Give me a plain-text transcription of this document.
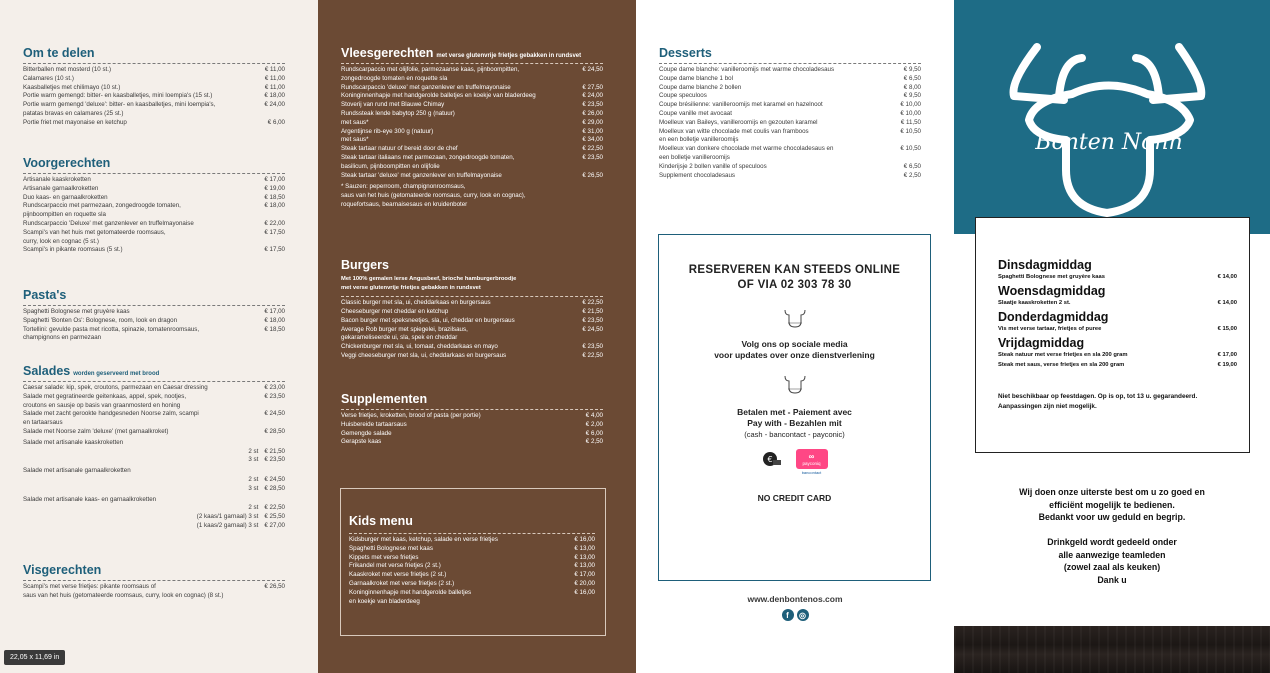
Om te delen
Bitterballen met mosterd (10 st.)	€ 11,00
Calamares (10 st.)	€ 11,00
Kaasballetjes met chilimayo (10 st.)	€ 11,00
Portie warm gemengd: bitter- en kaasballetjes, mini loempia's (15 st.)	€ 18,00
Portie warm gemengd 'deluxe': bitter- en kaasballetjes, mini loempia's,
patatas bravas en calamares (25 st.)
€ 24,00
Portie friet met mayonaise en ketchup	€ 6,00
Voorgerechten
Artisanale kaaskroketten	€ 17,00
Artisanale garnaalkroketten	€ 19,00
Duo kaas- en garnaalkroketten	€ 18,50
Rundscarpaccio met parmezaan, zongedroogde tomaten,
pijnboompitten en roquette sla
€ 18,00
Rundscarpaccio 'Deluxe' met ganzenlever en truffelmayonaise	€ 22,00
Scampi's van het huis met getomateerde roomsaus,
curry, look en cognac (5 st.)
€ 17,50
Scampi's in pikante roomsaus (5 st.)	€ 17,50
Pasta's
Spaghetti Bolognese met gruyère kaas	€ 17,00
Spaghetti 'Bonten Os': Bolognese, room, look en dragon	€ 18,00
Tortellini: gevulde pasta met ricotta, spinazie, tomatenroomsaus,
champignons en parmezaan
€ 18,50
Salades worden geserveerd met brood
Caesar salade: kip, spek, croutons, parmezaan en Caesar dressing	€ 23,00
Salade met gegratineerde geitenkaas, appel, spek, nootjes,
croutons en sausje op basis van graanmosterd en honing
€ 23,50
Salade met zacht gerookte handgesneden Noorse zalm, scampi
en tartaarsaus
€ 24,50
Salade met Noorse zalm 'deluxe' (met garnaalkroket)	€ 28,50
Salade met artisanale kaaskroketten
2 st € 21,50
3 st € 23,50
Salade met artisanale garnaalkroketten
2 st € 24,50
3 st € 28,50
Salade met artisanale kaas- en garnaalkroketten
2 st € 22,50
(2 kaas/1 garnaal) 3 st € 25,50
(1 kaas/2 garnaal) 3 st € 27,00
Visgerechten
Scampi's met verse frietjes: pikante roomsaus of
saus van het huis (getomateerde roomsaus, curry, look en cognac) (8 st.)
€ 26,50
22,05 x 11,69 in
Vleesgerechten met verse glutenvrije frietjes gebakken in rundsvet
Rundscarpaccio met olijfolie, parmezaanse kaas, pijnboompitten,
zongedroogde tomaten en roquette sla
€ 24,50
Rundscarpaccio 'deluxe' met ganzenlever en truffelmayonaise	€ 27,50
Koninginnenhapje met handgerolde balletjes en koekje van bladerdeeg	€ 24,00
Stoverij van rund met Blauwe Chimay	€ 23,50
Rundssteak lende babytop 250 g (natuur)	€ 26,00
met saus*	€ 29,00
Argentijnse rib-eye 300 g (natuur)	€ 31,00
met saus*	€ 34,00
Steak tartaar natuur of bereid door de chef	€ 22,50
Steak tartaar italiaans met parmezaan, zongedroogde tomaten,
basilicum, pijnboompitten en olijfolie
€ 23,50
Steak tartaar 'deluxe' met ganzenlever en truffelmayonaise	€ 26,50
* Sauzen: peperroom, champignonroomsaus,
saus van het huis (getomateerde roomsaus, curry, look en cognac),
roquefortsaus, bearnaisesaus en kruidenboter
Burgers
Met 100% gemalen lerse Angusbeef, brioche hamburgerbroodje
met verse glutenvrije frietjes gebakken in rundsvet
Classic burger met sla, ui, cheddarkaas en burgersaus	€ 22,50
Cheeseburger met cheddar en ketchup	€ 21,50
Bacon burger met speksneetjes, sla, ui, cheddar en burgersaus	€ 23,50
Average Rob burger met spiegelei, brazilsaus,
gekarameliseerde ui, sla, spek en cheddar
€ 24,50
Chickenburger met sla, ui, tomaat, cheddarkaas en mayo	€ 23,50
Veggi cheeseburger met sla, ui, cheddarkaas en burgersaus	€ 22,50
Supplementen
Verse frietjes, kroketten, brood of pasta (per portie)	€ 4,00
Huisbereide tartaarsaus	€ 2,00
Gemengde salade	€ 6,00
Gerapste kaas	€ 2,50
Kids menu
Kidsburger met kaas, ketchup, salade en verse frietjes	€ 16,00
Spaghetti Bolognese met kaas	€ 13,00
Kippets met verse frietjes	€ 13,00
Frikandel met verse frietjes (2 st.)	€ 13,00
Kaaskroket met verse frietjes (2 st.)	€ 17,00
Garnaalkroket met verse frietjes (2 st.)	€ 20,00
Koninginnenhapje met handgerolde balletjes
en koekje van bladerdeeg
€ 16,00
Desserts
Coupe dame blanche: vanilleroomijs met warme chocoladesaus	€ 9,50
Coupe dame blanche 1 bol	€ 6,50
Coupe dame blanche 2 bollen	€ 8,00
Coupe speculoos	€ 9,50
Coupe brésilienne: vanilleroomijs met karamel en hazelnoot	€ 10,00
Coupe vanille met avocaat	€ 10,00
Moelleux van Baileys, vanilleroomijs en gezouten karamel	€ 11,50
Moelleux van witte chocolade met coulis van framboos
en een bolletje vanilleroomijs
€ 10,50
Moelleux van donkere chocolade met warme chocoladesaus en
een bolletje vanilleroomijs
€ 10,50
Kinderijsje 2 bollen vanille of speculoos	€ 6,50
Supplement chocoladesaus	€ 2,50
RESERVEREN KAN STEEDS ONLINE
OF VIA 02 303 78 30
Volg ons op sociale media
voor updates over onze dienstverlening
Betalen met - Paiement avec
Pay with - Bezahlen mit
(cash - bancontact - payconic)
€	∞
payconiq
bancontact
NO CREDIT CARD
www.denbontenos.com
f	◎
Bonten Nonn
Dinsdagmiddag
Spaghetti Bolognese met gruyère kaas	€ 14,00
Woensdagmiddag
Slaatje kaaskroketten 2 st.	€ 14,00
Donderdagmiddag
Vis met verse tartaar, frietjes of puree	€ 15,00
Vrijdagmiddag
Steak natuur met verse frietjes en sla 200 gram	€ 17,00
Steak met saus, verse frietjes en sla 200 gram	€ 19,00
Niet beschikbaar op feestdagen. Op is op, tot 13 u. gegarandeerd.
Aanpassingen zijn niet mogelijk.
Wij doen onze uiterste best om u zo goed en
efficiënt mogelijk te bedienen.
Bedankt voor uw geduld en begrip.

Drinkgeld wordt gedeeld onder
alle aanwezige teamleden
(zowel zaal als keuken)
Dank u
